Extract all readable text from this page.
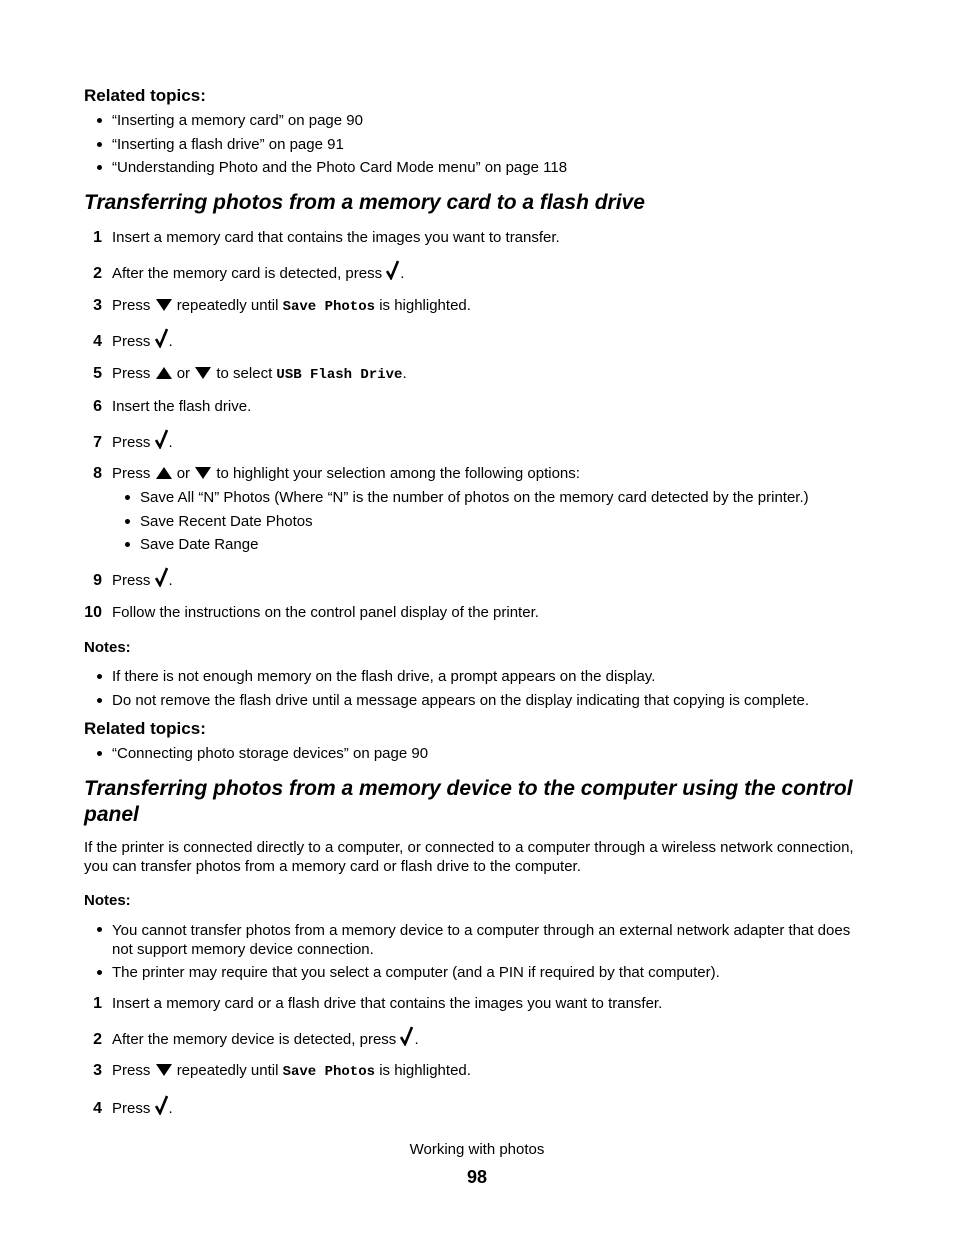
Related topics:
“Inserting a memory card” on page 90
“Inserting a flash drive” on page 91
“Understanding Photo and the Photo Card Mode menu” on page 118
Transferring photos from a memory card to a flash drive
1 Insert a memory card that contains the images you want to transfer.
2 After the memory card is detected, press .
3 Press repeatedly until Save Photos is highlighted.
4 Press .
5 Press or to select USB Flash Drive.
6 Insert the flash drive.
7 Press .
8 Press or to highlight your selection among the following options:
Save All “N” Photos (Where “N” is the number of photos on the memory card detected by the printer.)
Save Recent Date Photos
Save Date Range
9 Press .
10 Follow the instructions on the control panel display of the printer.
Notes:
If there is not enough memory on the flash drive, a prompt appears on the display.
Do not remove the flash drive until a message appears on the display indicating that copying is complete.
Related topics:
“Connecting photo storage devices” on page 90
Transferring photos from a memory device to the computer using the control
panel
If the printer is connected directly to a computer, or connected to a computer through a wireless network connection,
you can transfer photos from a memory card or flash drive to the computer.
Notes:
You cannot transfer photos from a memory device to a computer through an external network adapter that does
not support memory device connection.
The printer may require that you select a computer (and a PIN if required by that computer).
1 Insert a memory card or a flash drive that contains the images you want to transfer.
2 After the memory device is detected, press .
3 Press repeatedly until Save Photos is highlighted.
4 Press .
Working with photos
98
